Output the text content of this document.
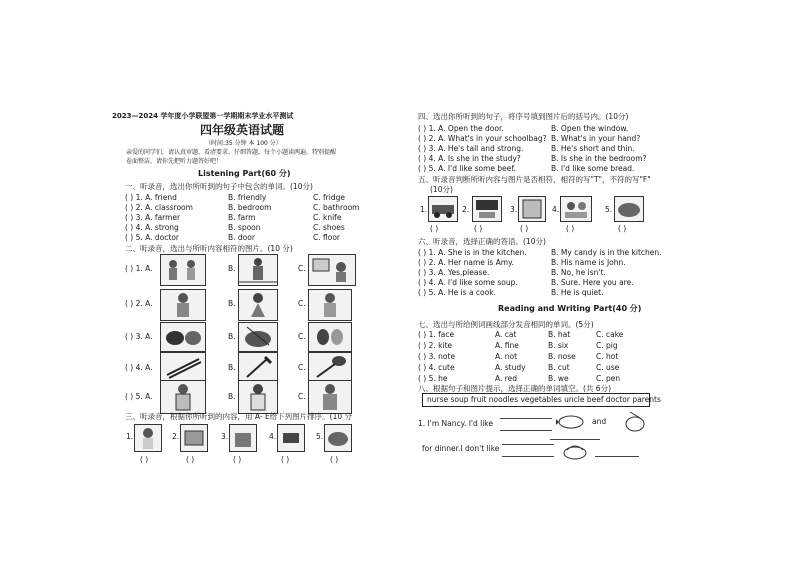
2023—2024 学年度小学联盟第一学期期末学业水平测试
四年级英语试题
（时间:35 分钟 本 100 分）
亲爱的同学们，请认真审题、看清要求、仔细答题，每个小题读两遍。特别提醒
卷面整洁，请你先把听力题答好吧！
Listening Part(60 分)
一、听录音，选出你所听到的句子中包含的单词。(10分)
( ) 1. A. friend	B. friendly	C. fridge
( ) 2. A. classroom	B. bedroom	C. bathroom
( ) 3. A. farmer	B. farm	C. knife
( ) 4. A. strong	B. spoon	C. shoes
( ) 5. A. doctor	B. door	C. floor
二、听录音，选出与所听内容相符的图片。(10 分)
( ) 1. A.	B.	C.
( ) 2. A.	B.	C.
( ) 3. A.	B.	C.
( ) 4. A.	B.	C.
( ) 5. A.	B.	C.
三、听录音，根据你所听到的内容，用 A- E给下列图片排序。(10 分
1.
( )
2.
( )
3.
( )
4.
( )
5.
( )
四、选出你所听到的句子，将序号填到图片后的括号内。(10分)
( ) 1. A. Open the door.	B. Open the window.
( ) 2. A. What's in your schoolbag? B. What's in your hand?
( ) 3. A. He's tall and strong.	B. He's short and thin.
( ) 4. A. Is she in the study?	B. Is she in the bedroom?
( ) 5. A. I'd like some beef.	B. I'd like some bread.
五、听录音判断所听内容与图片是否相符，相符的写"T"，不符的写"F"
(10分)
1.
( )
2.
( )
3.
( )
4.
( )
5.
( )
六、听录音，选择正确的答语。(10分)
( ) 1. A. She is in the kitchen.	B. My candy is in the kitchen.
( ) 2. A. Her name is Amy.	B. His name is John.
( ) 3. A. Yes,please.	B. No, he isn't.
( ) 4. A. I'd like some soup.	B. Sure. Here you are.
( ) 5. A. He is a cook.	B. He is quiet.
Reading and Writing Part(40 分)
七、选出与所给例词画线部分发音相同的单词。(5分)
( ) 1. face	A. cat	B. hat	C. cake
( ) 2. kite	A. fine	B. six	C. pig
( ) 3. note	A. not	B. nose	C. hot
( ) 4. cute	A. study	B. cut	C. use
( ) 5. he	A. red	B. we	C. pen
八、根据句子和图片提示，选择正确的单词填空。(共 6分)
nurse soup fruit noodles vegetables uncle beef doctor parents
1. I'm Nancy. I'd like	and
for dinner.I don't like
